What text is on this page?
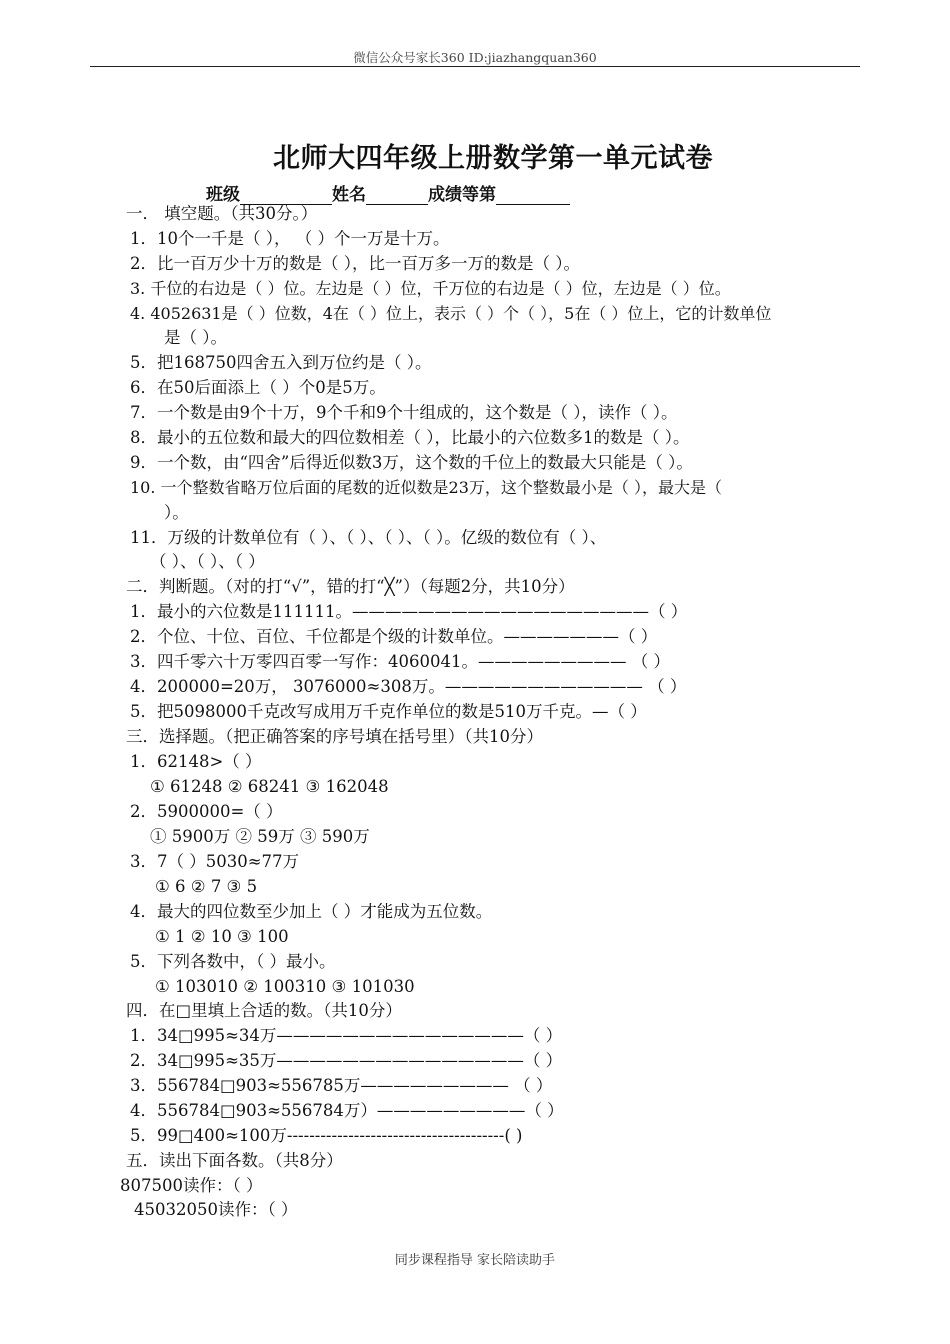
微信公众号家长360 ID:jiazhangquan360
北师大四年级上册数学第一单元试卷
班级	姓名	成绩等第
一． 填空题。（共30分。）
1．10个一千是（ ）， （ ）个一万是十万。
2．比一百万少十万的数是（ ），比一百万多一万的数是（ ）。
3. 千位的右边是（ ）位。左边是（ ）位，千万位的右边是（ ）位，左边是（ ）位。
4. 4052631是（ ）位数，4在（ ）位上，表示（ ）个（ ），5在（ ）位上，它的计数单位
是（ ）。
5．把168750四舍五入到万位约是（ ）。
6．在50后面添上（ ）个0是5万。
7．一个数是由9个十万，9个千和9个十组成的，这个数是（ ），读作（ ）。
8．最小的五位数和最大的四位数相差（ ），比最小的六位数多1的数是（ ）。
9．一个数，由“四舍”后得近似数3万，这个数的千位上的数最大只能是（ ）。
10. 一个整数省略万位后面的尾数的近似数是23万，这个整数最小是（ ），最大是（
）。
11．万级的计数单位有（ ）、（ ）、（ ）、（ ）。亿级的数位有（ ）、
（ ）、（ ）、（ ）
二．判断题。（对的打“√”，错的打“╳”）（每题2分，共10分）
1．最小的六位数是111111。——————————————————（ ）
2．个位、十位、百位、千位都是个级的计数单位。———————（ ）
3．四千零六十万零四百零一写作：4060041。————————— （ ）
4．200000=20万， 3076000≈308万。———————————— （ ）
5．把5098000千克改写成用万千克作单位的数是510万千克。—（ ）
三．选择题。（把正确答案的序号填在括号里）（共10分）
1．62148>（ ）
① 61248 ② 68241 ③ 162048
2．5900000=（ ）
① 5900万 ② 59万 ③ 590万
3．7（ ）5030≈77万
① 6 ② 7 ③ 5
4．最大的四位数至少加上（ ）才能成为五位数。
① 1 ② 10 ③ 100
5．下列各数中，（ ）最小。
① 103010 ② 100310 ③ 101030
四．在□里填上合适的数。（共10分）
1．34□995≈34万———————————————（ ）
2．34□995≈35万———————————————（ ）
3．556784□903≈556785万————————— （ ）
4．556784□903≈556784万）—————————（ ）
5．99□400≈100万---------------------------------------( )
五．读出下面各数。（共8分）
807500读作：（ ）
45032050读作：（ ）
同步课程指导 家长陪读助手
